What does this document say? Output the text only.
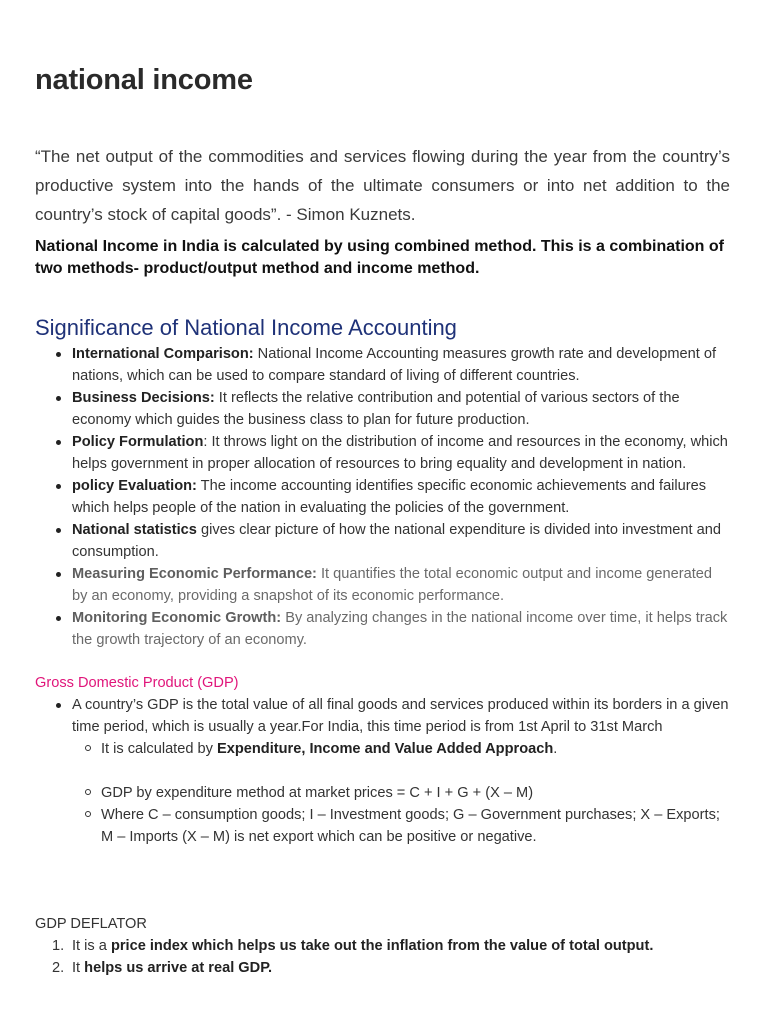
national income

“The net output of the commodities and services flowing during the year from the country’s productive system into the hands of the ultimate consumers or into net addition to the country’s stock of capital goods”. - Simon Kuznets.

National Income in India is calculated by using combined method. This is a combination of two methods- product/output method and income method.

Significance of National Income Accounting
International Comparison: National Income Accounting measures growth rate and development of nations, which can be used to compare standard of living of different countries.
Business Decisions: It reflects the relative contribution and potential of various sectors of the economy which guides the business class to plan for future production.
Policy Formulation: It throws light on the distribution of income and resources in the economy, which helps government in proper allocation of resources to bring equality and development in nation.
policy Evaluation: The income accounting identifies specific economic achievements and failures which helps people of the nation in evaluating the policies of the government.
National statistics gives clear picture of how the national expenditure is divided into investment and consumption.
Measuring Economic Performance: It quantifies the total economic output and income generated by an economy, providing a snapshot of its economic performance.
Monitoring Economic Growth: By analyzing changes in the national income over time, it helps track the growth trajectory of an economy.
Gross Domestic Product (GDP)
A country’s GDP is the total value of all final goods and services produced within its borders in a given time period, which is usually a year.For India, this time period is from 1st April to 31st March
It is calculated by Expenditure, Income and Value Added Approach.
GDP by expenditure method at market prices = C + I + G + (X – M)
Where C – consumption goods; I – Investment goods; G – Government purchases; X – Exports; M – Imports (X – M) is net export which can be positive or negative.
GDP DEFLATOR
1. It is a price index which helps us take out the inflation from the value of total output.
2. It helps us arrive at real GDP.
